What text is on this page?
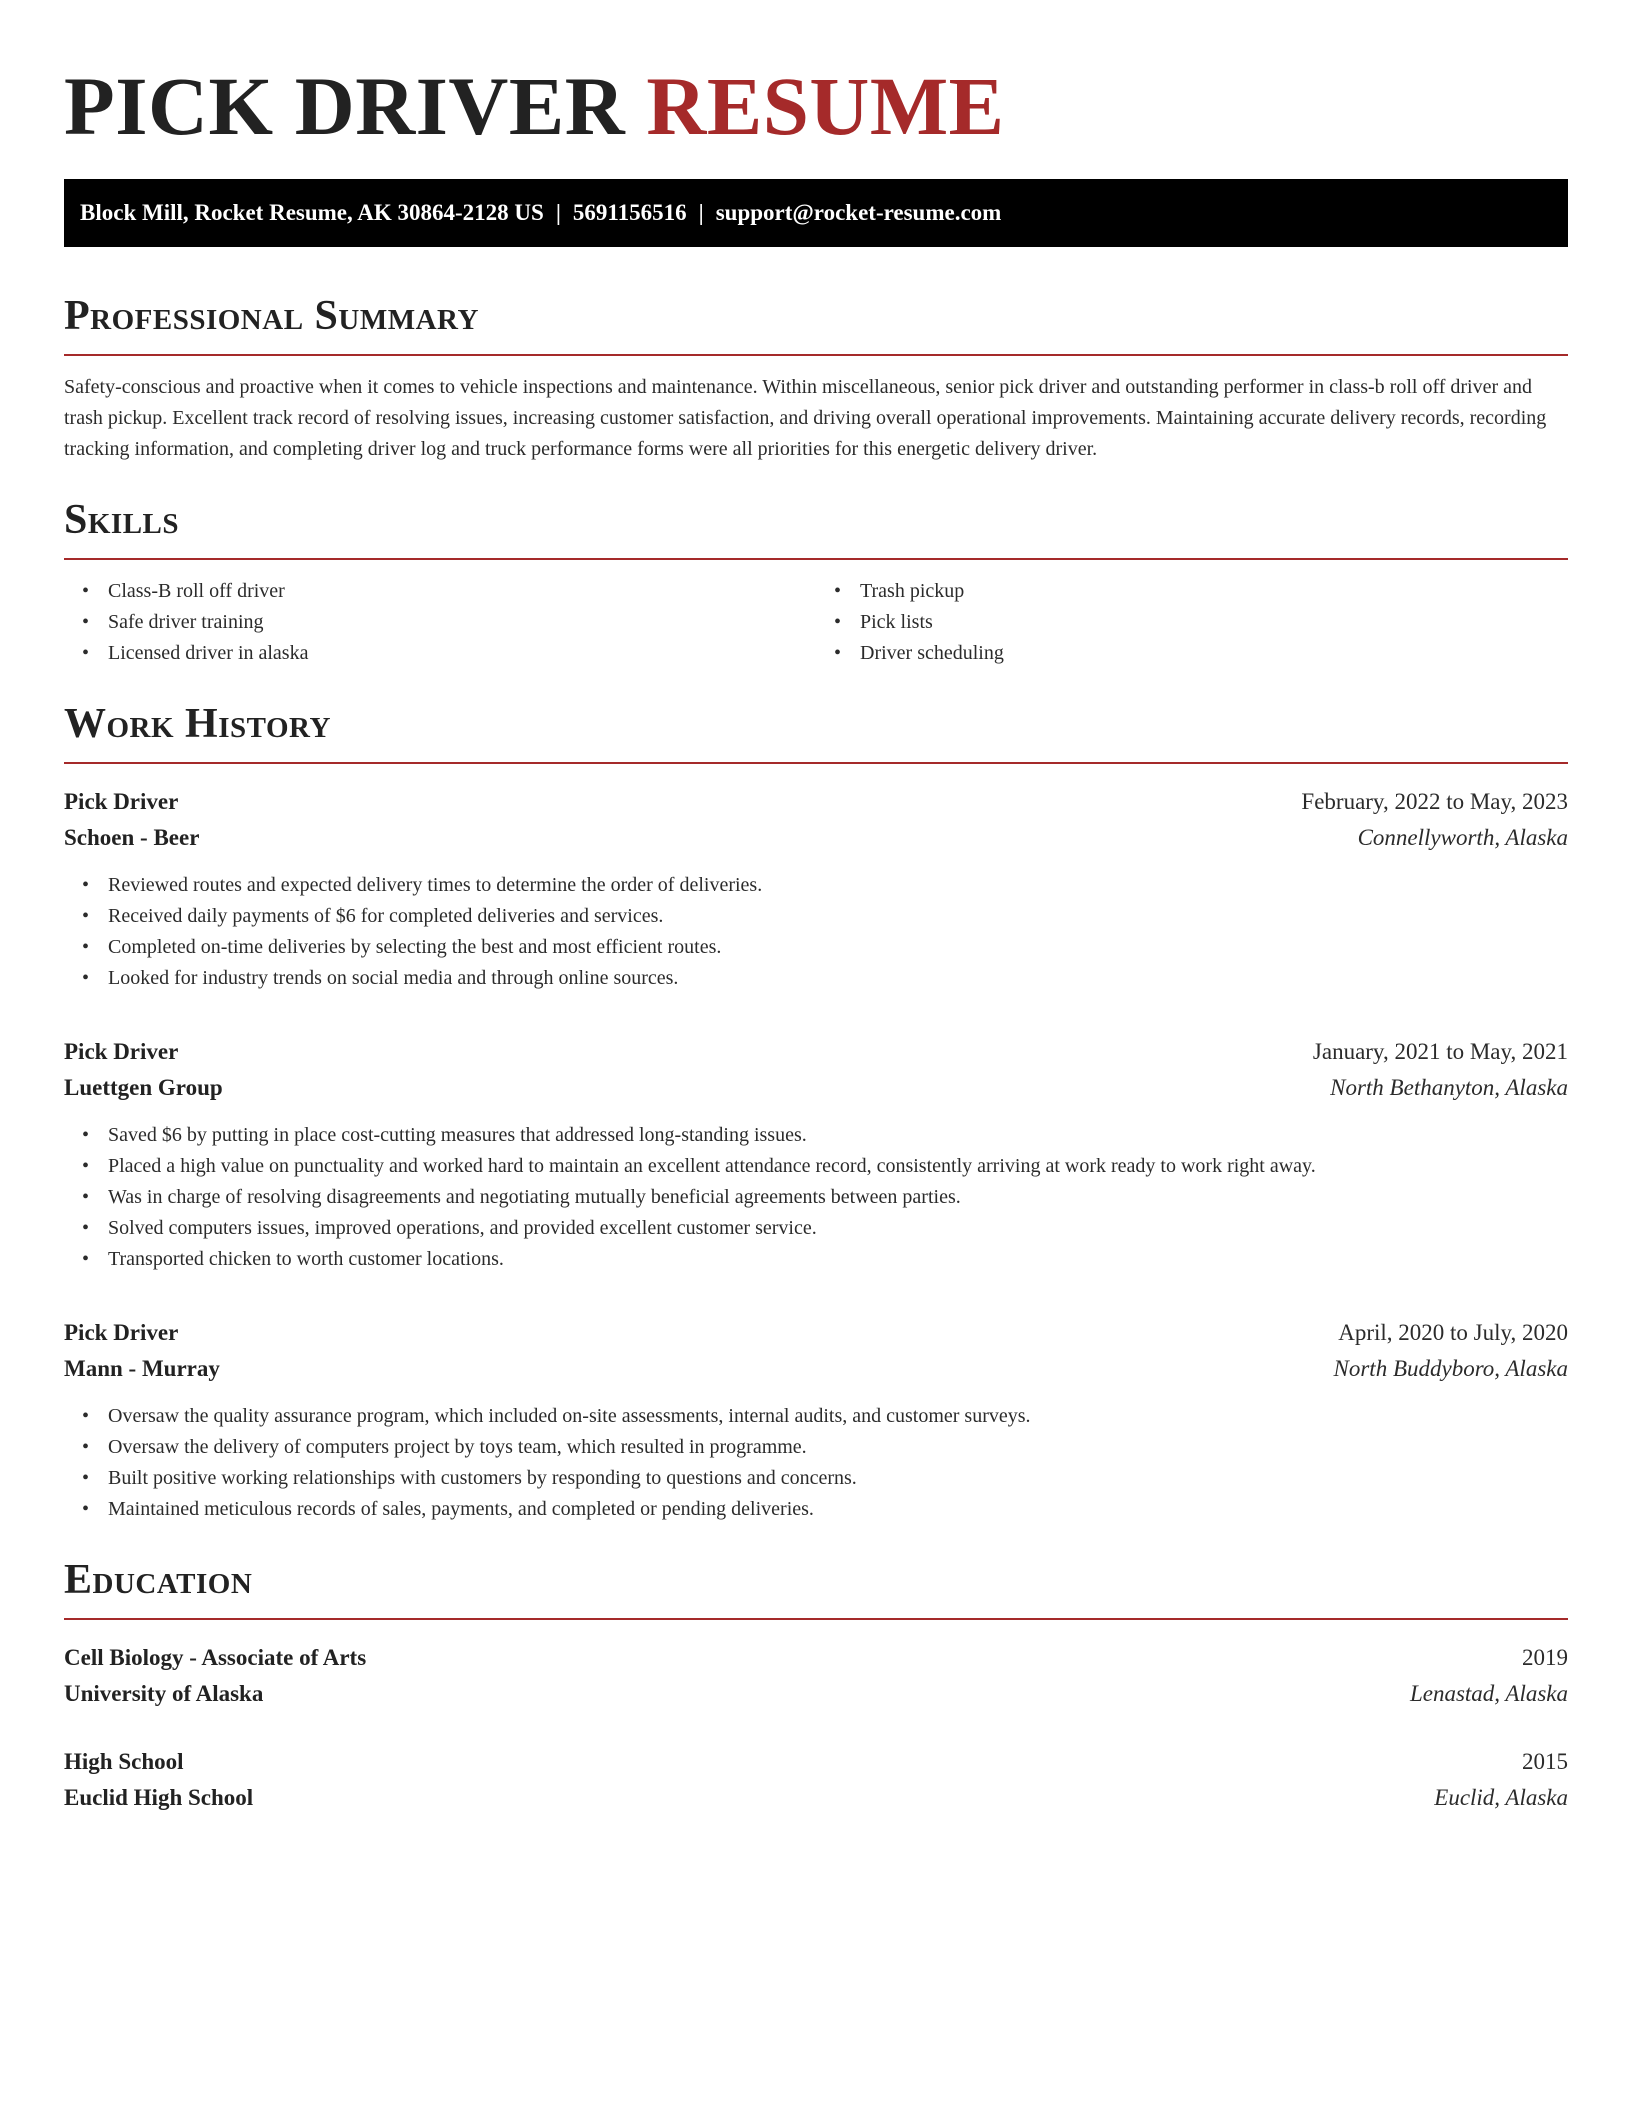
PICK DRIVER RESUME
Block Mill, Rocket Resume, AK 30864-2128 US | 5691156516 | support@rocket-resume.com
Professional Summary

Safety-conscious and proactive when it comes to vehicle inspections and maintenance. Within miscellaneous, senior pick driver and outstanding performer in class-b roll off driver and trash pickup. Excellent track record of resolving issues, increasing customer satisfaction, and driving overall operational improvements. Maintaining accurate delivery records, recording tracking information, and completing driver log and truck performance forms were all priorities for this energetic delivery driver.

Skills
• Class-B roll off driver
• Safe driver training
• Licensed driver in alaska
• Trash pickup
• Pick lists
• Driver scheduling
Work History
Pick Driver	February, 2022 to May, 2023
Schoen - Beer	Connellyworth, Alaska
• Reviewed routes and expected delivery times to determine the order of deliveries.
• Received daily payments of $6 for completed deliveries and services.
• Completed on-time deliveries by selecting the best and most efficient routes.
• Looked for industry trends on social media and through online sources.
Pick Driver	January, 2021 to May, 2021
Luettgen Group	North Bethanyton, Alaska
• Saved $6 by putting in place cost-cutting measures that addressed long-standing issues.
• Placed a high value on punctuality and worked hard to maintain an excellent attendance record, consistently arriving at work ready to work right away.
• Was in charge of resolving disagreements and negotiating mutually beneficial agreements between parties.
• Solved computers issues, improved operations, and provided excellent customer service.
• Transported chicken to worth customer locations.
Pick Driver	April, 2020 to July, 2020
Mann - Murray	North Buddyboro, Alaska
• Oversaw the quality assurance program, which included on-site assessments, internal audits, and customer surveys.
• Oversaw the delivery of computers project by toys team, which resulted in programme.
• Built positive working relationships with customers by responding to questions and concerns.
• Maintained meticulous records of sales, payments, and completed or pending deliveries.
Education
Cell Biology - Associate of Arts	2019
University of Alaska	Lenastad, Alaska
High School	2015
Euclid High School	Euclid, Alaska
